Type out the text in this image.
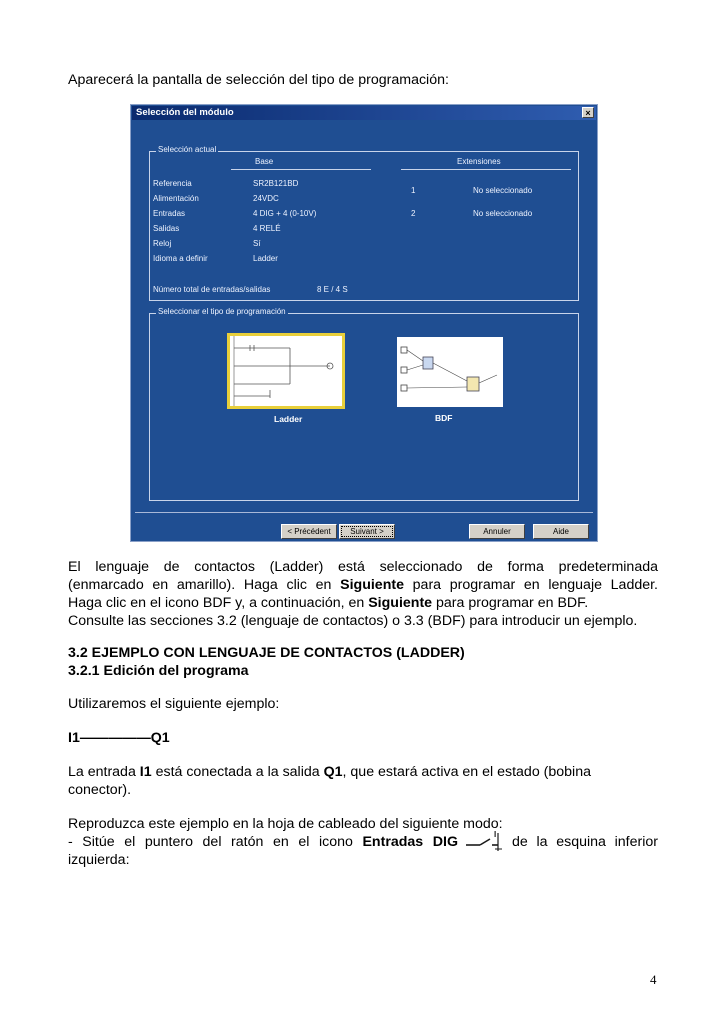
Aparecerá la pantalla de selección del tipo de programación:
Selección del módulo	×
Selección actual
Base	Extensiones
Referencia	SR2B121BD
Alimentación	24VDC
Entradas	4 DIG + 4 (0-10V)
Salidas	4 RELÉ
Reloj	Sí
Idioma a definir	Ladder
1	No seleccionado
2	No seleccionado
Número total de entradas/salidas	8 E / 4 S
Seleccionar el tipo de programación
Ladder	BDF
< Précédent	Suivant >	Annuler	Aide
El lenguaje de contactos (Ladder) está seleccionado de forma predeterminada
(enmarcado en amarillo). Haga clic en Siguiente para programar en lenguaje Ladder.
Haga clic en el icono BDF y, a continuación, en Siguiente para programar en BDF.
Consulte las secciones 3.2 (lenguaje de contactos) o 3.3 (BDF) para introducir un ejemplo.
3.2 EJEMPLO CON LENGUAJE DE CONTACTOS (LADDER)
3.2.1 Edición del programa
Utilizaremos el siguiente ejemplo:
I1—————Q1
La entrada I1 está conectada a la salida Q1, que estará activa en el estado (bobina
conector).
Reproduzca este ejemplo en la hoja de cableado del siguiente modo:
- Sitúe el puntero del ratón en el icono Entradas DIG	I de la esquina inferior
izquierda:
4
